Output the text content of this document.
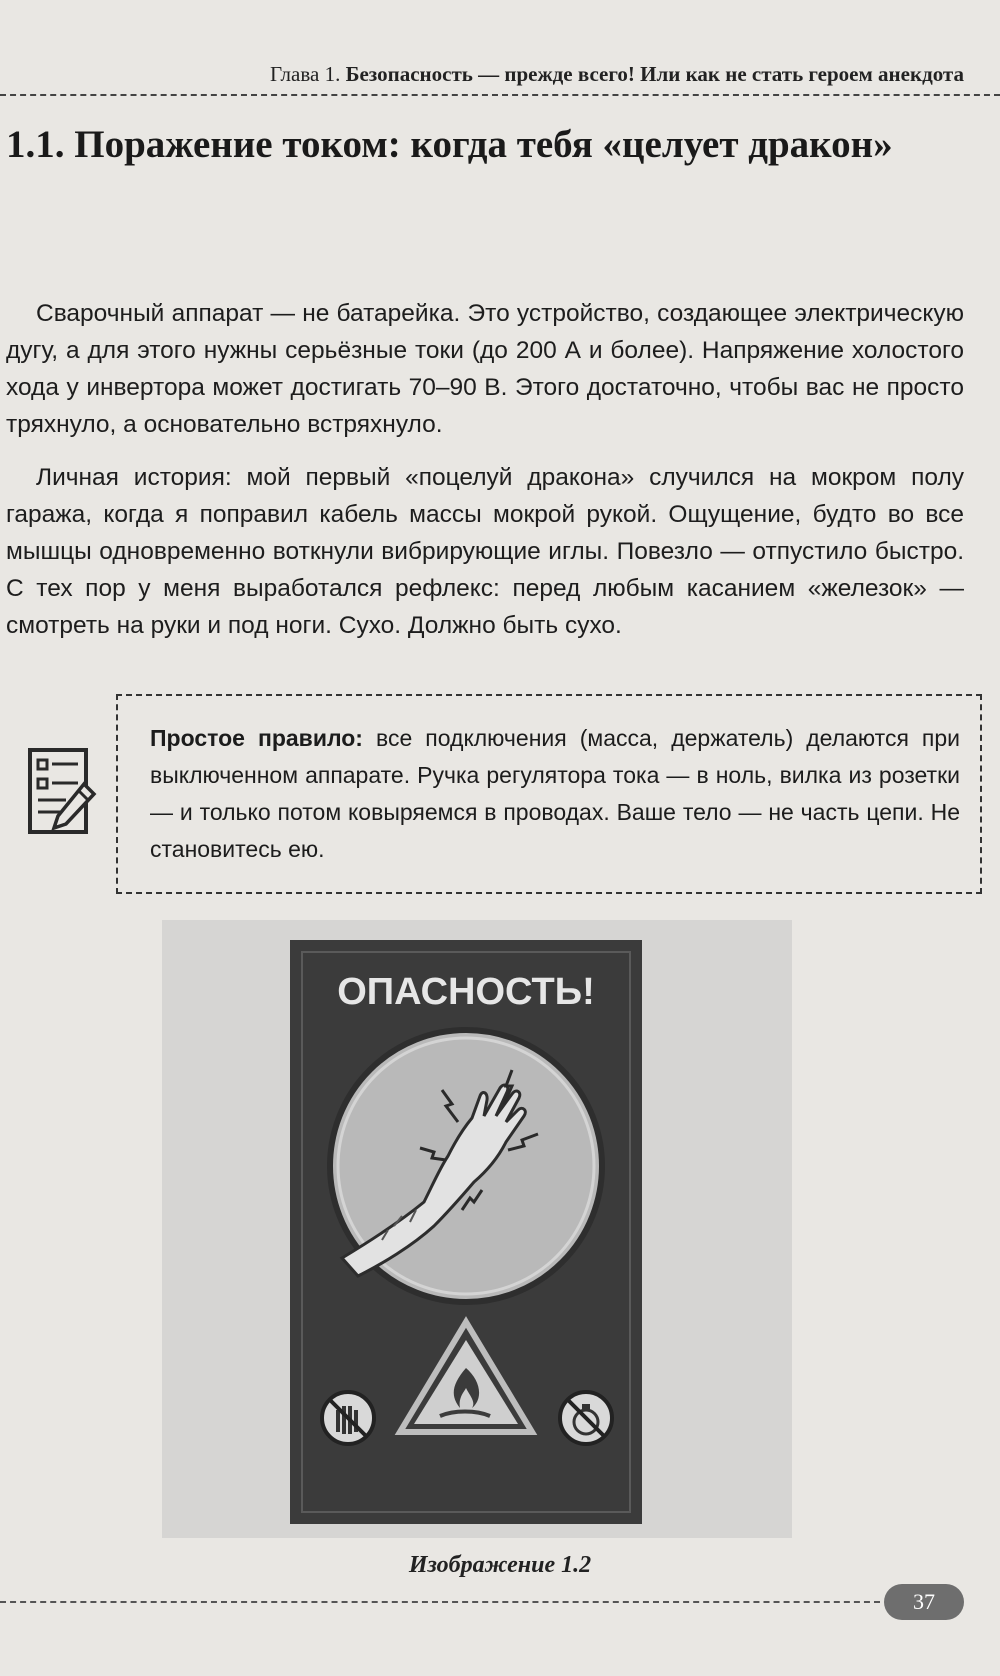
Глава 1. Безопасность — прежде всего! Или как не стать героем анекдота
1.1. Поражение током: когда тебя «целует дракон»

Сварочный аппарат — не батарейка. Это устройство, создающее электрическую дугу, а для этого нужны серьёзные токи (до 200 А и более). Напряжение холостого хода у инвертора может достигать 70–90 В. Этого достаточно, чтобы вас не просто тряхнуло, а основательно встряхнуло.

Личная история: мой первый «поцелуй дракона» случился на мокром полу гаража, когда я поправил кабель массы мокрой рукой. Ощущение, будто во все мышцы одновременно воткнули вибрирующие иглы. Повезло — отпустило быстро. С тех пор у меня выработался рефлекс: перед любым касанием «железок» — смотреть на руки и под ноги. Сухо. Должно быть сухо.

Простое правило: все подключения (масса, держатель) делаются при выключенном аппарате. Ручка регулятора тока — в ноль, вилка из розетки — и только потом ковыряемся в проводах. Ваше тело — не часть цепи. Не становитесь ею.

ОПАСНОСТЬ!
Изображение 1.2
37
